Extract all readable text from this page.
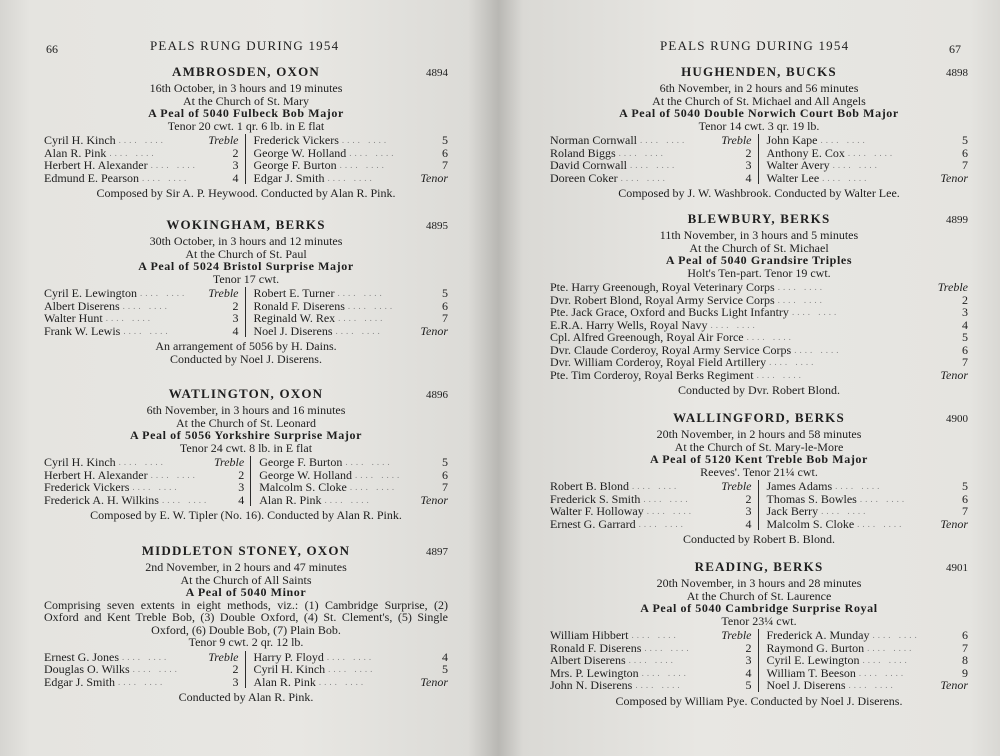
66	PEALS RUNG DURING 1954
AMBROSDEN, OXON	4894
16th October, in 3 hours and 19 minutes
At the Church of St. Mary
A Peal of 5040 Fulbeck Bob Major
Tenor 20 cwt. 1 qr. 6 lb. in E flat
Cyril H. Kinch .... ....	Treble
Alan R. Pink .... ....	2
Herbert H. Alexander .... ....	3
Edmund E. Pearson .... ....	4
Frederick Vickers .... ....	5
George W. Holland .... ....	6
George F. Burton .... ....	7
Edgar J. Smith .... ....	Tenor
Composed by Sir A. P. Heywood. Conducted by Alan R. Pink.
WOKINGHAM, BERKS	4895
30th October, in 3 hours and 12 minutes
At the Church of St. Paul
A Peal of 5024 Bristol Surprise Major
Tenor 17 cwt.
Cyril E. Lewington .... ....	Treble
Albert Diserens .... ....	2
Walter Hunt .... ....	3
Frank W. Lewis .... ....	4
Robert E. Turner .... ....	5
Ronald F. Diserens .... ....	6
Reginald W. Rex .... ....	7
Noel J. Diserens .... ....	Tenor
An arrangement of 5056 by H. Dains.
Conducted by Noel J. Diserens.
WATLINGTON, OXON	4896
6th November, in 3 hours and 16 minutes
At the Church of St. Leonard
A Peal of 5056 Yorkshire Surprise Major
Tenor 24 cwt. 8 lb. in E flat
Cyril H. Kinch .... ....	Treble
Herbert H. Alexander .... ....	2
Frederick Vickers .... ....	3
Frederick A. H. Wilkins .... ....	4
George F. Burton .... ....	5
George W. Holland .... ....	6
Malcolm S. Cloke .... ....	7
Alan R. Pink .... ....	Tenor
Composed by E. W. Tipler (No. 16). Conducted by Alan R. Pink.
MIDDLETON STONEY, OXON	4897
2nd November, in 2 hours and 47 minutes
At the Church of All Saints
A Peal of 5040 Minor
Comprising seven extents in eight methods, viz.: (1) Cambridge Surprise, (2) Oxford and Kent Treble Bob, (3) Double Oxford, (4) St. Clement's, (5) Single Oxford, (6) Double Bob, (7) Plain Bob.
Tenor 9 cwt. 2 qr. 12 lb.
Ernest G. Jones .... ....	Treble
Douglas O. Wilks .... ....	2
Edgar J. Smith .... ....	3
Harry P. Floyd .... ....	4
Cyril H. Kinch .... ....	5
Alan R. Pink .... ....	Tenor
Conducted by Alan R. Pink.
PEALS RUNG DURING 1954	67
HUGHENDEN, BUCKS	4898
6th November, in 2 hours and 56 minutes
At the Church of St. Michael and All Angels
A Peal of 5040 Double Norwich Court Bob Major
Tenor 14 cwt. 3 qr. 19 lb.
Norman Cornwall .... ....	Treble
Roland Biggs .... ....	2
David Cornwall .... ....	3
Doreen Coker .... ....	4
John Kape .... ....	5
Anthony E. Cox .... ....	6
Walter Avery .... ....	7
Walter Lee .... ....	Tenor
Composed by J. W. Washbrook. Conducted by Walter Lee.
BLEWBURY, BERKS	4899
11th November, in 3 hours and 5 minutes
At the Church of St. Michael
A Peal of 5040 Grandsire Triples
Holt's Ten-part. Tenor 19 cwt.
Pte. Harry Greenough, Royal Veterinary Corps .... ....	Treble
Dvr. Robert Blond, Royal Army Service Corps .... ....	2
Pte. Jack Grace, Oxford and Bucks Light Infantry .... ....	3
E.R.A. Harry Wells, Royal Navy .... ....	4
Cpl. Alfred Greenough, Royal Air Force .... ....	5
Dvr. Claude Corderoy, Royal Army Service Corps .... ....	6
Dvr. William Corderoy, Royal Field Artillery .... ....	7
Pte. Tim Corderoy, Royal Berks Regiment .... ....	Tenor
Conducted by Dvr. Robert Blond.
WALLINGFORD, BERKS	4900
20th November, in 2 hours and 58 minutes
At the Church of St. Mary-le-More
A Peal of 5120 Kent Treble Bob Major
Reeves'. Tenor 21¼ cwt.
Robert B. Blond .... ....	Treble
Frederick S. Smith .... ....	2
Walter F. Holloway .... ....	3
Ernest G. Garrard .... ....	4
James Adams .... ....	5
Thomas S. Bowles .... ....	6
Jack Berry .... ....	7
Malcolm S. Cloke .... ....	Tenor
Conducted by Robert B. Blond.
READING, BERKS	4901
20th November, in 3 hours and 28 minutes
At the Church of St. Laurence
A Peal of 5040 Cambridge Surprise Royal
Tenor 23¼ cwt.
William Hibbert .... ....	Treble
Ronald F. Diserens .... ....	2
Albert Diserens .... ....	3
Mrs. P. Lewington .... ....	4
John N. Diserens .... ....	5
Frederick A. Munday .... ....	6
Raymond G. Burton .... ....	7
Cyril E. Lewington .... ....	8
William T. Beeson .... ....	9
Noel J. Diserens .... ....	Tenor
Composed by William Pye. Conducted by Noel J. Diserens.
